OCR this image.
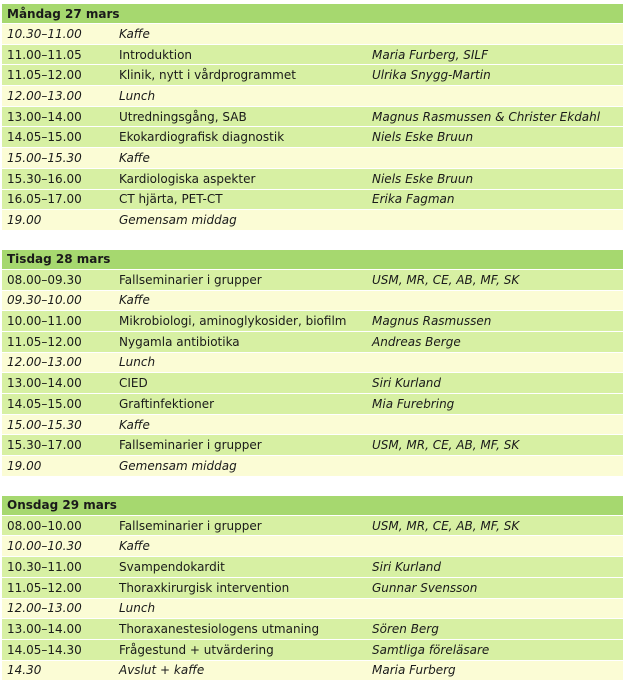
Måndag 27 mars		
10.30–11.00	Kaffe	
11.00–11.05	Introduktion	Maria Furberg, SILF
11.05–12.00	Klinik, nytt i vårdprogrammet	Ulrika Snygg-Martin
12.00–13.00	Lunch	
13.00–14.00	Utredningsgång, SAB	Magnus Rasmussen & Christer Ekdahl
14.05–15.00	Ekokardiografisk diagnostik	Niels Eske Bruun
15.00–15.30	Kaffe	
15.30–16.00	Kardiologiska aspekter	Niels Eske Bruun
16.05–17.00	CT hjärta, PET-CT	Erika Fagman
19.00	Gemensam middag	
Tisdag 28 mars		
08.00–09.30	Fallseminarier i grupper	USM, MR, CE, AB, MF, SK
09.30–10.00	Kaffe	
10.00–11.00	Mikrobiologi, aminoglykosider, biofilm	Magnus Rasmussen
11.05–12.00	Nygamla antibiotika	Andreas Berge
12.00–13.00	Lunch	
13.00–14.00	CIED	Siri Kurland
14.05–15.00	Graftinfektioner	Mia Furebring
15.00–15.30	Kaffe	
15.30–17.00	Fallseminarier i grupper	USM, MR, CE, AB, MF, SK
19.00	Gemensam middag	
Onsdag 29 mars		
08.00–10.00	Fallseminarier i grupper	USM, MR, CE, AB, MF, SK
10.00–10.30	Kaffe	
10.30–11.00	Svampendokardit	Siri Kurland
11.05–12.00	Thoraxkirurgisk intervention	Gunnar Svensson
12.00–13.00	Lunch	
13.00–14.00	Thoraxanestesiologens utmaning	Sören Berg
14.05–14.30	Frågestund + utvärdering	Samtliga föreläsare
14.30	Avslut + kaffe	Maria Furberg
